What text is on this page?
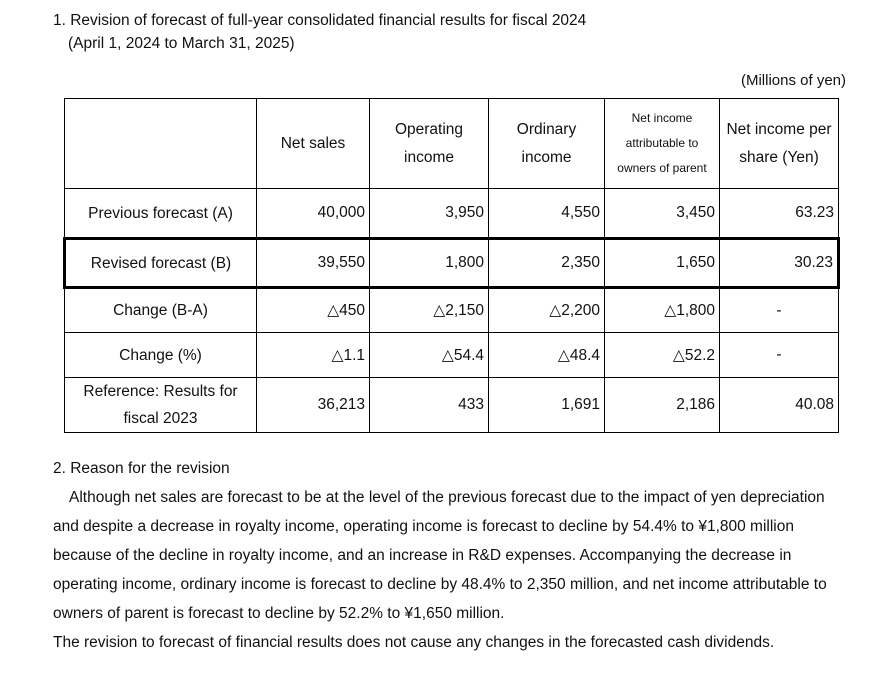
1. Revision of forecast of full-year consolidated financial results for fiscal 2024
(April 1, 2024 to March 31, 2025)
(Millions of yen)
	Net sales	Operating income	Ordinary income	Net income attributable to owners of parent	Net income per share (Yen)
Previous forecast (A)	40,000	3,950	4,550	3,450	63.23
Revised forecast (B)	39,550	1,800	2,350	1,650	30.23
Change (B-A)	△450	△2,150	△2,200	△1,800	-
Change (%)	△1.1	△54.4	△48.4	△52.2	-
Reference: Results for fiscal 2023	36,213	433	1,691	2,186	40.08

2. Reason for the revision

Although net sales are forecast to be at the level of the previous forecast due to the impact of yen depreciation and despite a decrease in royalty income, operating income is forecast to decline by 54.4% to ¥1,800 million because of the decline in royalty income, and an increase in R&D expenses. Accompanying the decrease in operating income, ordinary income is forecast to decline by 48.4% to 2,350 million, and net income attributable to owners of parent is forecast to decline by 52.2% to ¥1,650 million.

The revision to forecast of financial results does not cause any changes in the forecasted cash dividends.
